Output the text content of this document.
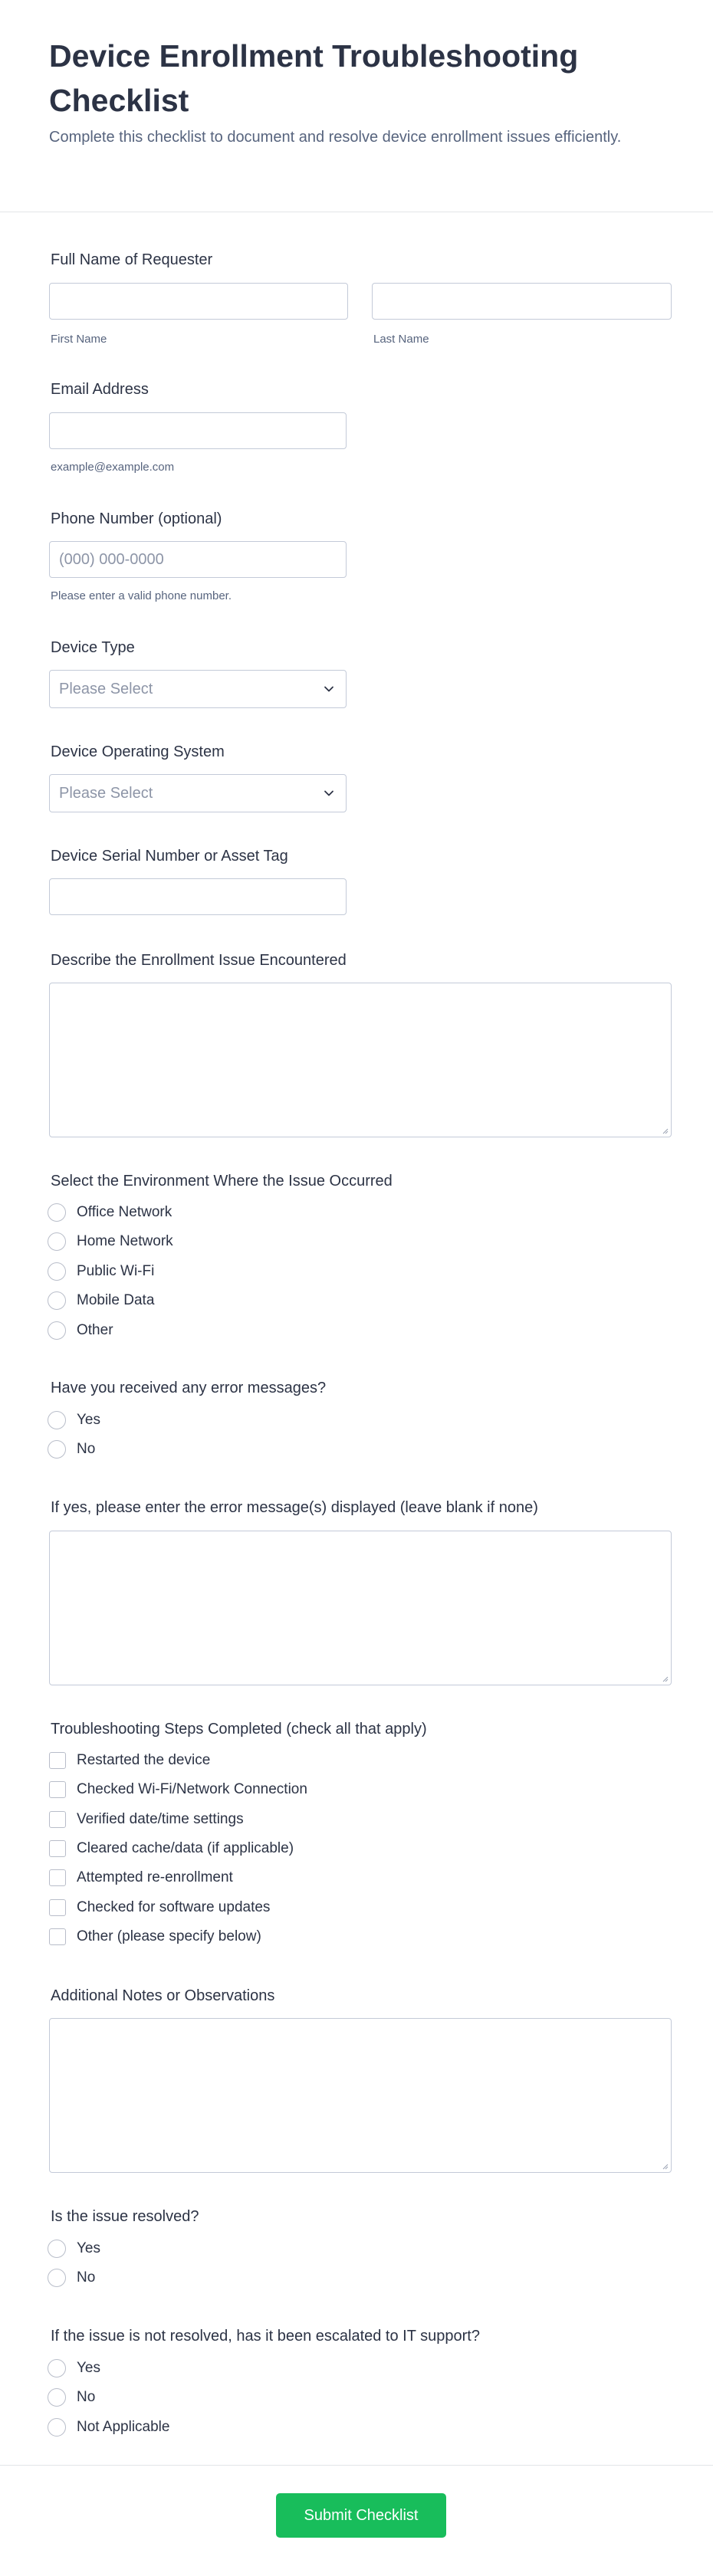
Device Enrollment Troubleshooting Checklist
Complete this checklist to document and resolve device enrollment issues efficiently.
Full Name of Requester
First Name	Last Name
Email Address
example@example.com
Phone Number (optional)
(000) 000-0000
Please enter a valid phone number.
Device Type
Please Select
Device Operating System
Please Select
Device Serial Number or Asset Tag
Describe the Enrollment Issue Encountered
Select the Environment Where the Issue Occurred
Office Network
Home Network
Public Wi-Fi
Mobile Data
Other
Have you received any error messages?
Yes
No
If yes, please enter the error message(s) displayed (leave blank if none)
Troubleshooting Steps Completed (check all that apply)
Restarted the device
Checked Wi-Fi/Network Connection
Verified date/time settings
Cleared cache/data (if applicable)
Attempted re-enrollment
Checked for software updates
Other (please specify below)
Additional Notes or Observations
Is the issue resolved?
Yes
No
If the issue is not resolved, has it been escalated to IT support?
Yes
No
Not Applicable
Submit Checklist
